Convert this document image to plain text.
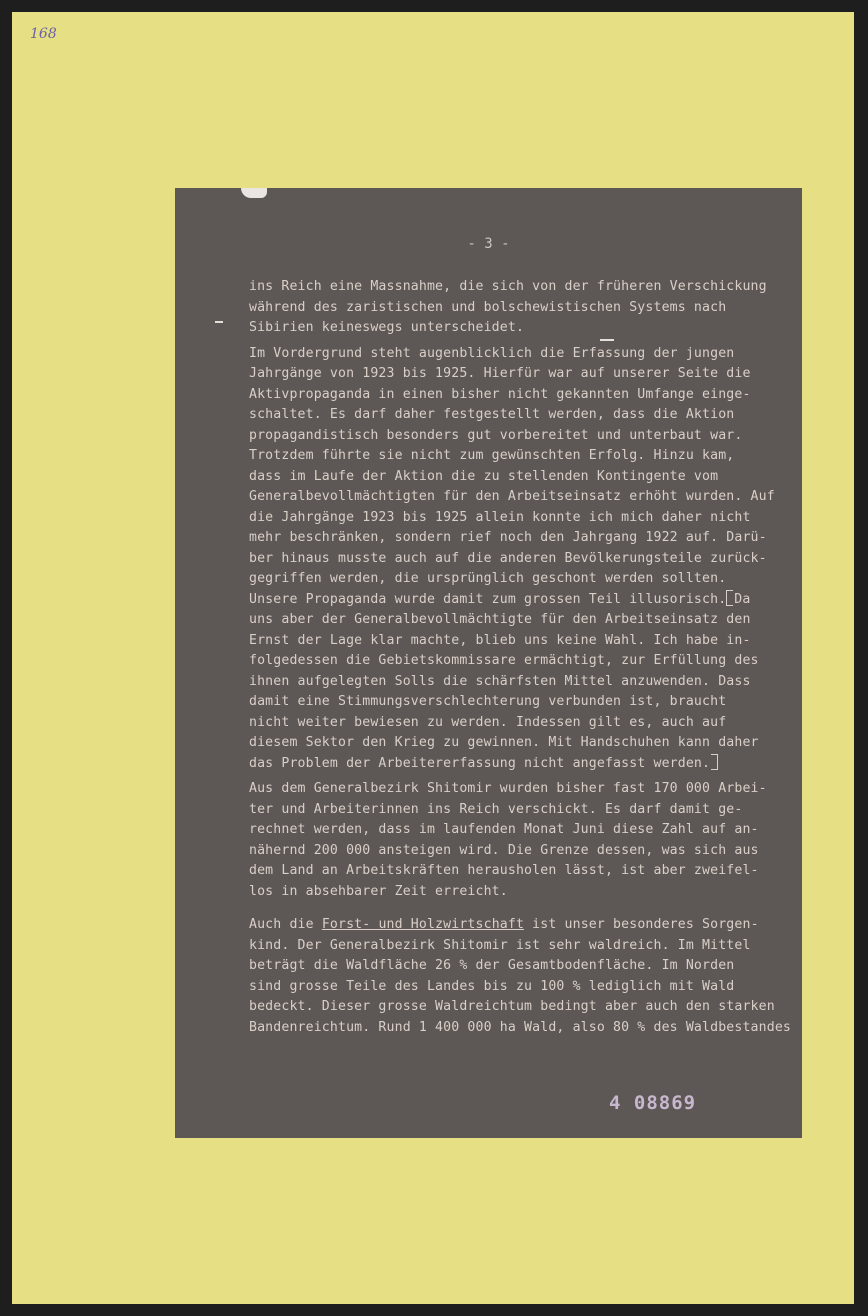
168
- 3 -
ins Reich eine Massnahme, die sich von der früheren Verschickung
während des zaristischen und bolschewistischen Systems nach
Sibirien keineswegs unterscheidet.
Im Vordergrund steht augenblicklich die Erfassung der jungen
Jahrgänge von 1923 bis 1925. Hierfür war auf unserer Seite die
Aktivpropaganda in einen bisher nicht gekannten Umfange einge-
schaltet. Es darf daher festgestellt werden, dass die Aktion
propagandistisch besonders gut vorbereitet und unterbaut war.
Trotzdem führte sie nicht zum gewünschten Erfolg. Hinzu kam,
dass im Laufe der Aktion die zu stellenden Kontingente vom
Generalbevollmächtigten für den Arbeitseinsatz erhöht wurden. Auf
die Jahrgänge 1923 bis 1925 allein konnte ich mich daher nicht
mehr beschränken, sondern rief noch den Jahrgang 1922 auf. Darü-
ber hinaus musste auch auf die anderen Bevölkerungsteile zurück-
gegriffen werden, die ursprünglich geschont werden sollten.
Unsere Propaganda wurde damit zum grossen Teil illusorisch. Da
uns aber der Generalbevollmächtigte für den Arbeitseinsatz den
Ernst der Lage klar machte, blieb uns keine Wahl. Ich habe in-
folgedessen die Gebietskommissare ermächtigt, zur Erfüllung des
ihnen aufgelegten Solls die schärfsten Mittel anzuwenden. Dass
damit eine Stimmungsverschlechterung verbunden ist, braucht
nicht weiter bewiesen zu werden. Indessen gilt es, auch auf
diesem Sektor den Krieg zu gewinnen. Mit Handschuhen kann daher
das Problem der Arbeitererfassung nicht angefasst werden.
Aus dem Generalbezirk Shitomir wurden bisher fast 170 000 Arbei-
ter und Arbeiterinnen ins Reich verschickt. Es darf damit ge-
rechnet werden, dass im laufenden Monat Juni diese Zahl auf an-
nähernd 200 000 ansteigen wird. Die Grenze dessen, was sich aus
dem Land an Arbeitskräften herausholen lässt, ist aber zweifel-
los in absehbarer Zeit erreicht.
Auch die Forst- und Holzwirtschaft ist unser besonderes Sorgen-
kind. Der Generalbezirk Shitomir ist sehr waldreich. Im Mittel
beträgt die Waldfläche 26 % der Gesamtbodenfläche. Im Norden
sind grosse Teile des Landes bis zu 100 % lediglich mit Wald
bedeckt. Dieser grosse Waldreichtum bedingt aber auch den starken
Bandenreichtum. Rund 1 400 000 ha Wald, also 80 % des Waldbestandes
4 08869
